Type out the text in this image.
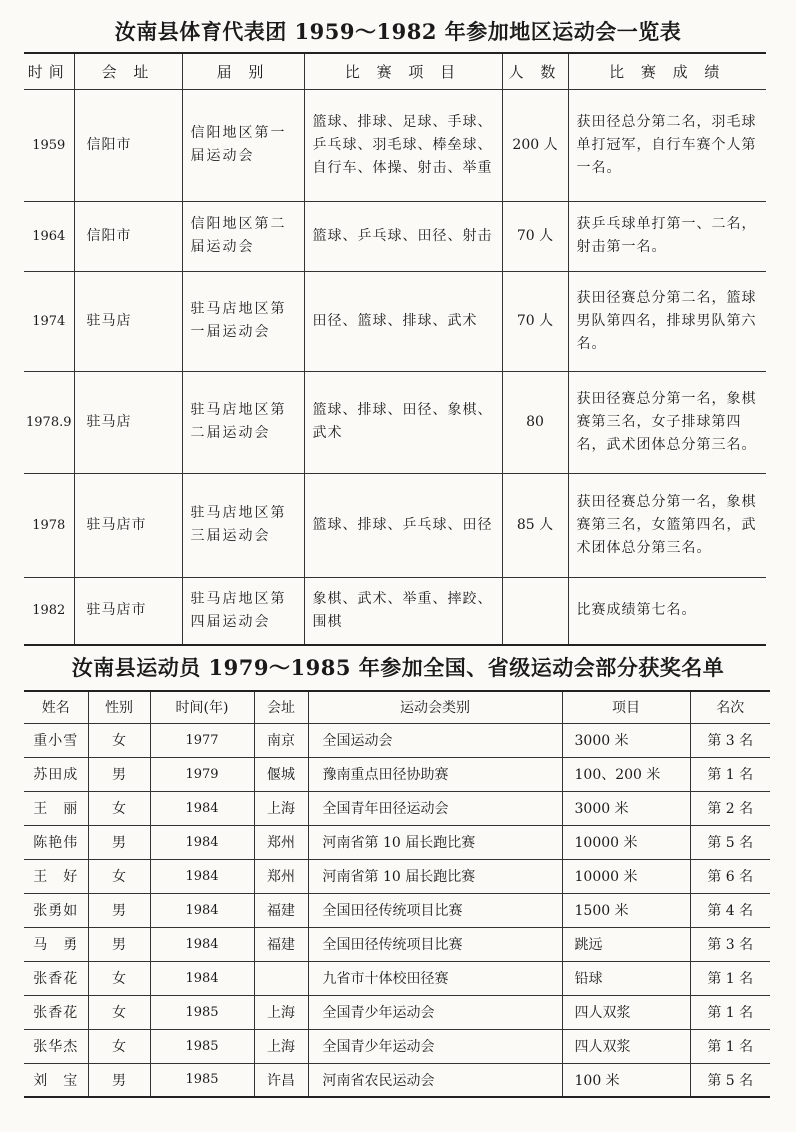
汝南县体育代表团 1959～1982 年参加地区运动会一览表
时间	会 址	届 别	比 赛 项 目	人 数	比 赛 成 绩
1959	信阳市	信阳地区第一届运动会	篮球、排球、足球、手球、乒乓球、羽毛球、棒垒球、自行车、体操、射击、举重	200 人	获田径总分第二名，羽毛球单打冠军，自行车赛个人第一名。
1964	信阳市	信阳地区第二届运动会	篮球、乒乓球、田径、射击	70 人	获乒乓球单打第一、二名，射击第一名。
1974	驻马店	驻马店地区第一届运动会	田径、篮球、排球、武术	70 人	获田径赛总分第二名，篮球男队第四名，排球男队第六名。
1978.9	驻马店	驻马店地区第二届运动会	篮球、排球、田径、象棋、武术	80	获田径赛总分第一名，象棋赛第三名，女子排球第四名，武术团体总分第三名。
1978	驻马店市	驻马店地区第三届运动会	篮球、排球、乒乓球、田径	85 人	获田径赛总分第一名，象棋赛第三名，女篮第四名，武术团体总分第三名。
1982	驻马店市	驻马店地区第四届运动会	象棋、武术、举重、摔跤、围棋		比赛成绩第七名。
汝南县运动员 1979～1985 年参加全国、省级运动会部分获奖名单
姓名	性别	时间(年)	会址	运动会类别	项目	名次
重小雪	女	1977	南京	全国运动会	3000 米	第 3 名
苏田成	男	1979	偃城	豫南重点田径协助赛	100、200 米	第 1 名
王　丽	女	1984	上海	全国青年田径运动会	3000 米	第 2 名
陈艳伟	男	1984	郑州	河南省第 10 届长跑比赛	10000 米	第 5 名
王　好	女	1984	郑州	河南省第 10 届长跑比赛	10000 米	第 6 名
张勇如	男	1984	福建	全国田径传统项目比赛	1500 米	第 4 名
马　勇	男	1984	福建	全国田径传统项目比赛	跳远	第 3 名
张香花	女	1984		九省市十体校田径赛	铅球	第 1 名
张香花	女	1985	上海	全国青少年运动会	四人双浆	第 1 名
张华杰	女	1985	上海	全国青少年运动会	四人双浆	第 1 名
刘　宝	男	1985	许昌	河南省农民运动会	100 米	第 5 名
